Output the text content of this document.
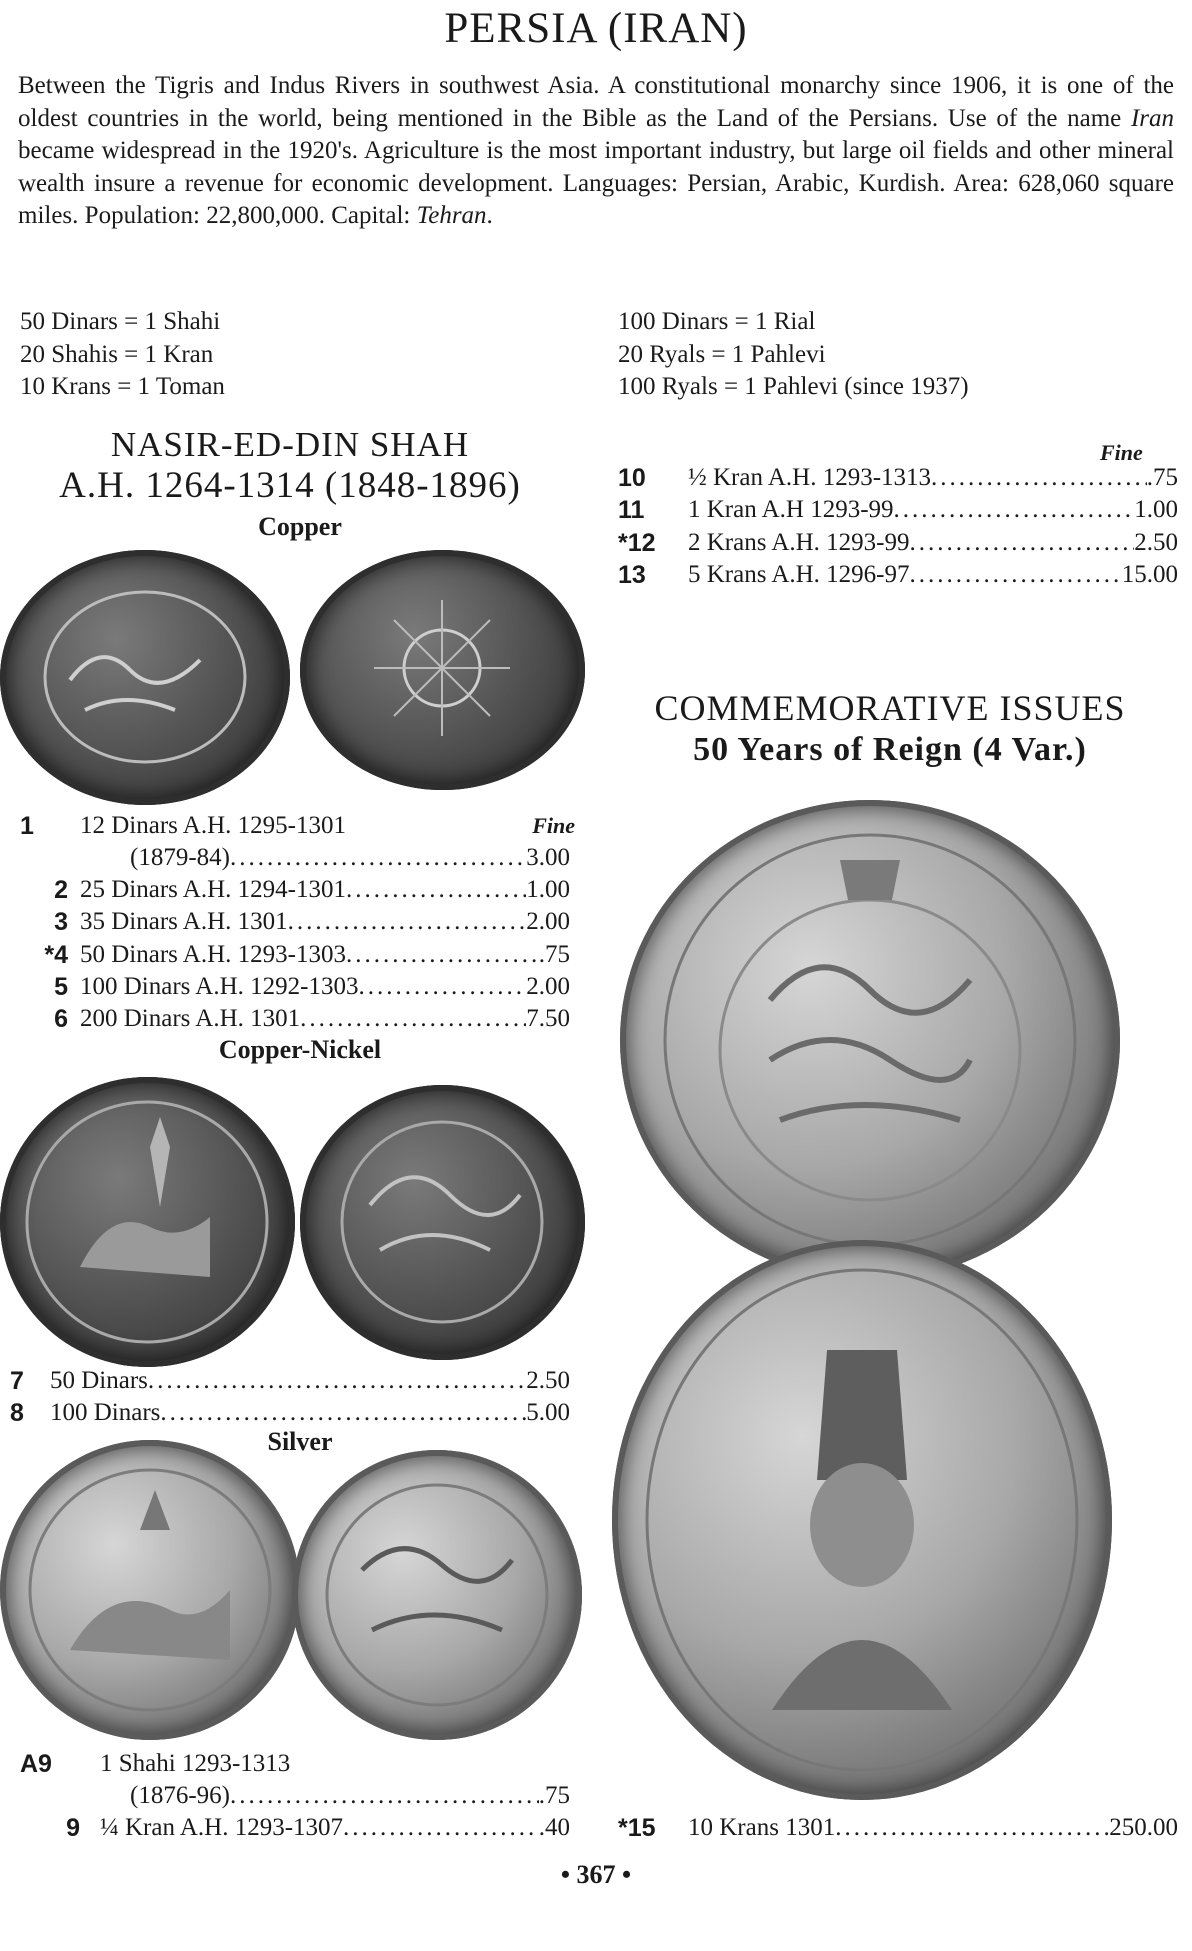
PERSIA (IRAN)

Between the Tigris and Indus Rivers in southwest Asia. A constitutional monarchy since 1906, it is one of the oldest countries in the world, being mentioned in the Bible as the Land of the Persians. Use of the name Iran became widespread in the 1920's. Agriculture is the most important industry, but large oil fields and other mineral wealth insure a revenue for economic development. Languages: Persian, Arabic, Kurdish. Area: 628,060 square miles. Population: 22,800,000. Capital: Tehran.

50 Dinars = 1 Shahi
20 Shahis = 1 Kran
10 Krans = 1 Toman
100 Dinars = 1 Rial
20 Ryals = 1 Pahlevi
100 Ryals = 1 Pahlevi (since 1937)
NASIR-ED-DIN SHAH
A.H. 1264-1314 (1848-1896)
Copper
1	12 Dinars A.H. 1295-1301	Fine
(1879-84) .....	3.00
2 25 Dinars A.H. 1294-1301 .....	1.00
3 35 Dinars A.H. 1301 .....	2.00
*4 50 Dinars A.H. 1293-1303 .....	.75
5 100 Dinars A.H. 1292-1303 .....	2.00
6 200 Dinars A.H. 1301 .....	7.50
Copper-Nickel
7	50 Dinars .....	2.50
8	100 Dinars .....	5.00
Silver
A9	1 Shahi 1293-1313
(1876-96) .....	.75
9 ¼ Kran A.H. 1293-1307 .....	.40
Fine
10	½ Kran A.H. 1293-1313 .....	.75
11	1 Kran A.H 1293-99 .....	1.00
*12	2 Krans A.H. 1293-99 .....	2.50
13	5 Krans A.H. 1296-97 .....	15.00
COMMEMORATIVE ISSUES
50 Years of Reign (4 Var.)
*15	10 Krans 1301 .....	250.00
• 367 •
